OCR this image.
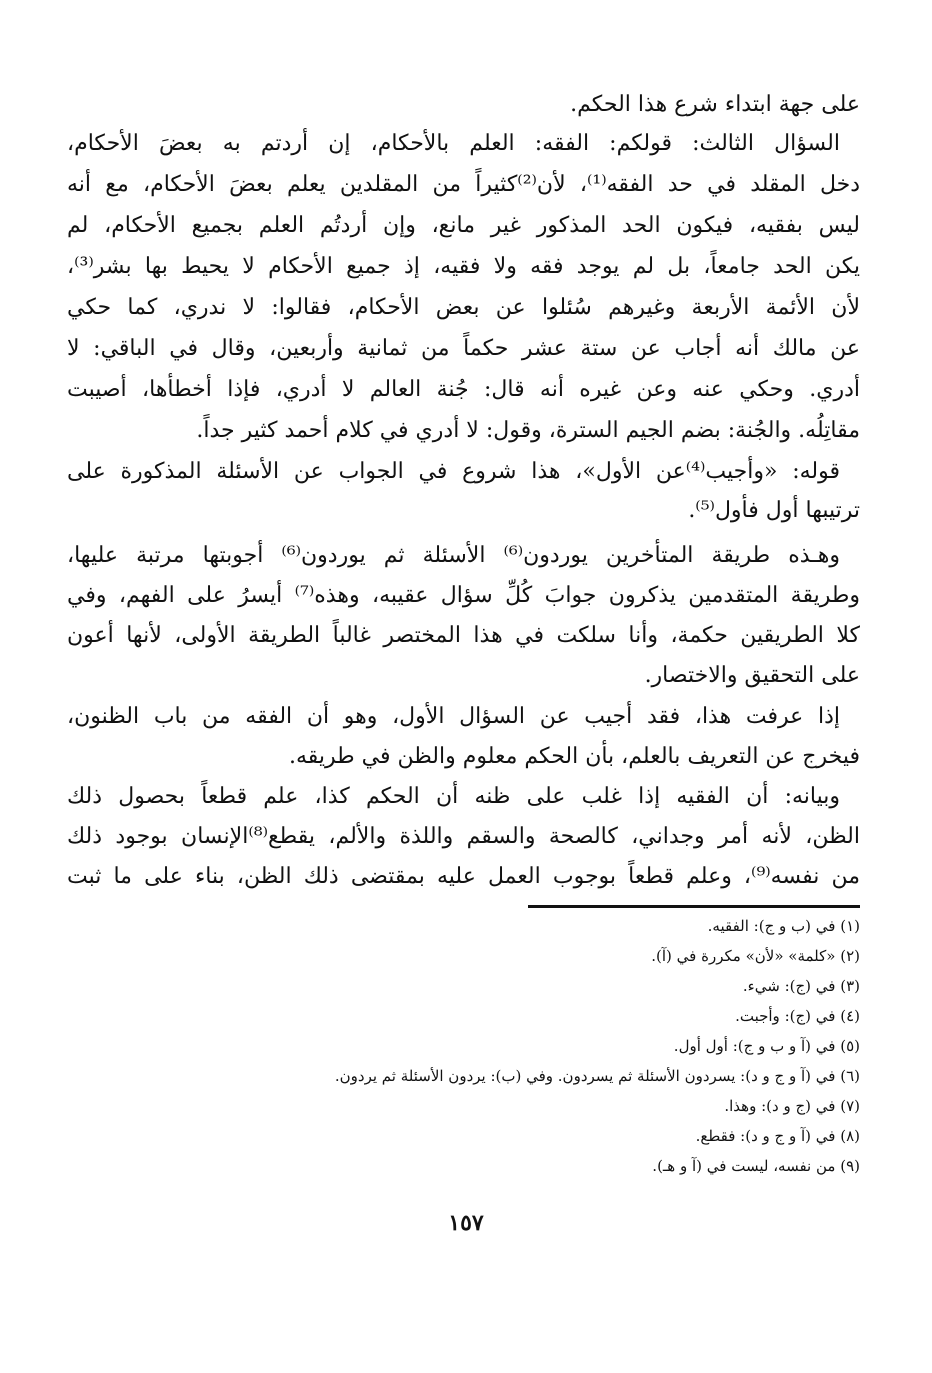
على جهة ابتداء شرع هذا الحكم.
السؤال الثالث: قولكم: الفقه: العلم بالأحكام، إن أردتم به بعضَ الأحكام،
دخل المقلد في حد الفقه⁽¹⁾، لأن⁽²⁾كثيراً من المقلدين يعلم بعضَ الأحكام، مع أنه
ليس بفقيه، فيكون الحد المذكور غير مانع، وإن أردتُم العلم بجميع الأحكام، لم
يكن الحد جامعاً، بل لم يوجد فقه ولا فقيه، إذ جميع الأحكام لا يحيط بها بشر⁽³⁾،
لأن الأئمة الأربعة وغيرهم سُئلوا عن بعض الأحكام، فقالوا: لا ندري، كما حكي
عن مالك أنه أجاب عن ستة عشر حكماً من ثمانية وأربعين، وقال في الباقي: لا
أدري. وحكي عنه وعن غيره أنه قال: جُنة العالم لا أدري، فإذا أخطأها، أصيبت
مقاتِلُه. والجُنة: بضم الجيم السترة، وقول: لا أدري في كلام أحمد كثير جداً.
قوله: «وأجيب⁽⁴⁾عن الأول»، هذا شروع في الجواب عن الأسئلة المذكورة على
ترتيبها أول فأول⁽⁵⁾.
وهـذه طريقة المتأخرين يوردون⁽⁶⁾ الأسئلة ثم يوردون⁽⁶⁾ أجوبتها مرتبة عليها،
وطريقة المتقدمين يذكرون جوابَ كُلِّ سؤال عقيبه، وهذه⁽⁷⁾ أيسرُ على الفهم، وفي
كلا الطريقين حكمة، وأنا سلكت في هذا المختصر غالباً الطريقة الأولى، لأنها أعون
على التحقيق والاختصار.
إذا عرفت هذا، فقد أجيب عن السؤال الأول، وهو أن الفقه من باب الظنون،
فيخرج عن التعريف بالعلم، بأن الحكم معلوم والظن في طريقه.
وبيانه: أن الفقيه إذا غلب على ظنه أن الحكم كذا، علم قطعاً بحصول ذلك
الظن، لأنه أمر وجداني، كالصحة والسقم واللذة والألم، يقطع⁽⁸⁾الإنسان بوجود ذلك
من نفسه⁽⁹⁾، وعلم قطعاً بوجوب العمل عليه بمقتضى ذلك الظن، بناء على ما ثبت
(١) في (ب و ج): الفقيه.
(٢) «كلمة» «لأن» مكررة في (آ).
(٣) في (ج): شيء.
(٤) في (ج): وأجبت.
(٥) في (آ و ب و ج): أول أول.
(٦) في (آ و ج و د): يسردون الأسئلة ثم يسردون. وفي (ب): يردون الأسئلة ثم يردون.
(٧) في (ج و د): وهذا.
(٨) في (آ و ج و د): فقطع.
(٩) من نفسه، ليست في (آ و هـ).
١٥٧
